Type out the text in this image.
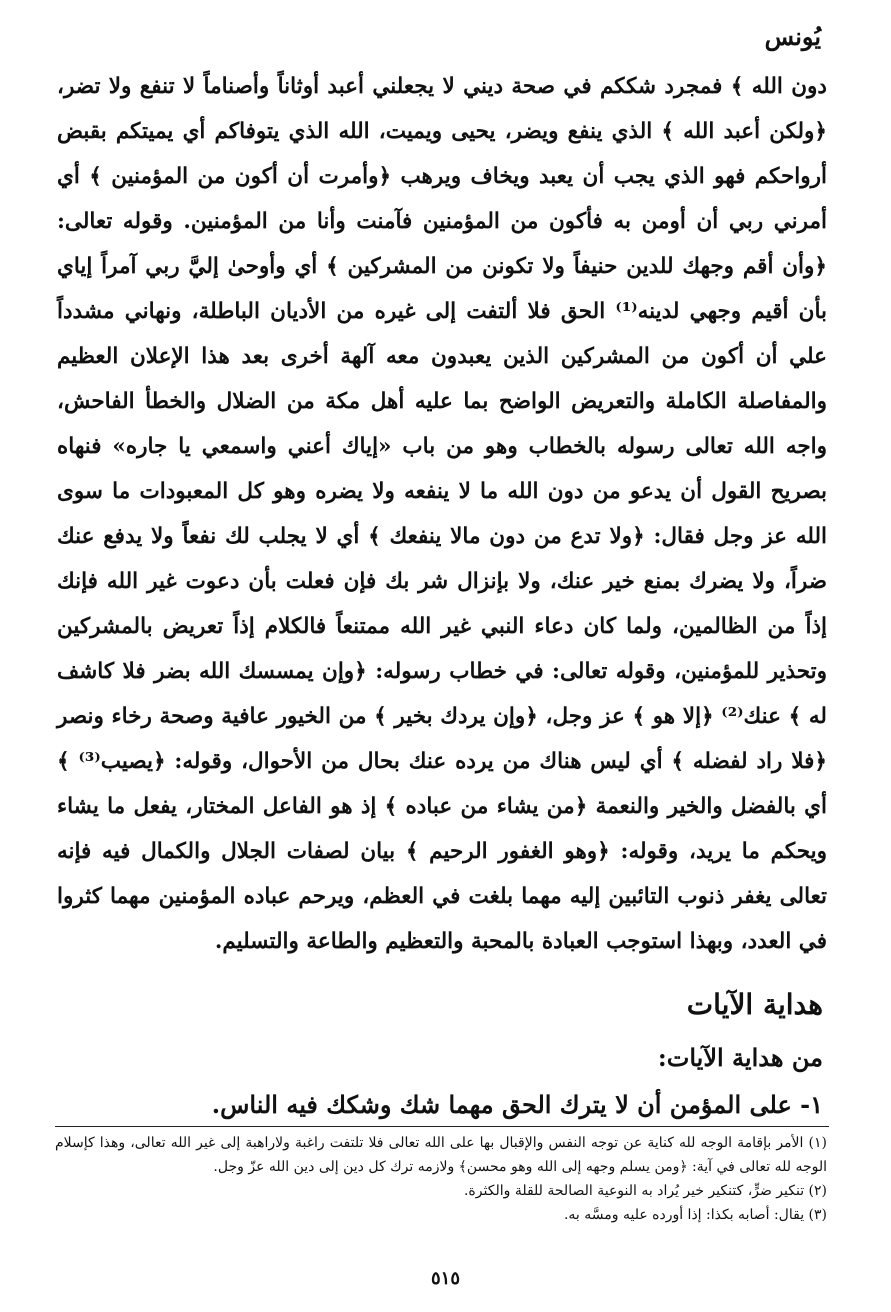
يُونس

دون الله ﴾ فمجرد شككم في صحة ديني لا يجعلني أعبد أوثاناً وأصناماً لا تنفع ولا تضر، ﴿ولكن أعبد الله ﴾ الذي ينفع ويضر، يحيى ويميت، الله الذي يتوفاكم أي يميتكم بقبض أرواحكم فهو الذي يجب أن يعبد ويخاف ويرهب ﴿وأمرت أن أكون من المؤمنين ﴾ أي أمرني ربي أن أومن به فأكون من المؤمنين فآمنت وأنا من المؤمنين. وقوله تعالى: ﴿وأن أقم وجهك للدين حنيفاً ولا تكونن من المشركين ﴾ أي وأوحىٰ إليَّ ربي آمراً إياي بأن أقيم وجهي لدينه⁽¹⁾ الحق فلا ألتفت إلى غيره من الأديان الباطلة، ونهاني مشدداً علي أن أكون من المشركين الذين يعبدون معه آلهة أخرى بعد هذا الإعلان العظيم والمفاصلة الكاملة والتعريض الواضح بما عليه أهل مكة من الضلال والخطأ الفاحش، واجه الله تعالى رسوله بالخطاب وهو من باب «إياك أعني واسمعي يا جاره» فنهاه بصريح القول أن يدعو من دون الله ما لا ينفعه ولا يضره وهو كل المعبودات ما سوى الله عز وجل فقال: ﴿ولا تدع من دون مالا ينفعك ﴾ أي لا يجلب لك نفعاً ولا يدفع عنك ضراً، ولا يضرك بمنع خير عنك، ولا بإنزال شر بك فإن فعلت بأن دعوت غير الله فإنك إذاً من الظالمين، ولما كان دعاء النبي غير الله ممتنعاً فالكلام إذاً تعريض بالمشركين وتحذير للمؤمنين، وقوله تعالى: في خطاب رسوله: ﴿وإن يمسسك الله بضر فلا كاشف له ﴾ عنك⁽²⁾ ﴿إلا هو ﴾ عز وجل، ﴿وإن يردك بخير ﴾ من الخيور عافية وصحة رخاء ونصر ﴿فلا راد لفضله ﴾ أي ليس هناك من يرده عنك بحال من الأحوال، وقوله: ﴿يصيب⁽³⁾ ﴾ أي بالفضل والخير والنعمة ﴿من يشاء من عباده ﴾ إذ هو الفاعل المختار، يفعل ما يشاء ويحكم ما يريد، وقوله: ﴿وهو الغفور الرحيم ﴾ بيان لصفات الجلال والكمال فيه فإنه تعالى يغفر ذنوب التائبين إليه مهما بلغت في العظم، ويرحم عباده المؤمنين مهما كثروا في العدد، وبهذا استوجب العبادة بالمحبة والتعظيم والطاعة والتسليم.

هداية الآيات
من هداية الآيات:

١- على المؤمن أن لا يترك الحق مهما شك وشكك فيه الناس.

(١) الأمر بإقامة الوجه لله كناية عن توجه النفس والإقبال بها على الله تعالى فلا تلتفت راغبة ولاراهبة إلى غير الله تعالى، وهذا كإسلام الوجه لله تعالى في آية: ﴿ومن يسلم وجهه إلى الله وهو محسن﴾ ولازمه ترك كل دين إلى دين الله عزّ وجل.

(٢) تنكير ضرٍّ، كتنكير خير يُراد به النوعية الصالحة للقلة والكثرة.

(٣) يقال: أصابه بكذا: إذا أورده عليه ومسَّه به.

٥١٥
